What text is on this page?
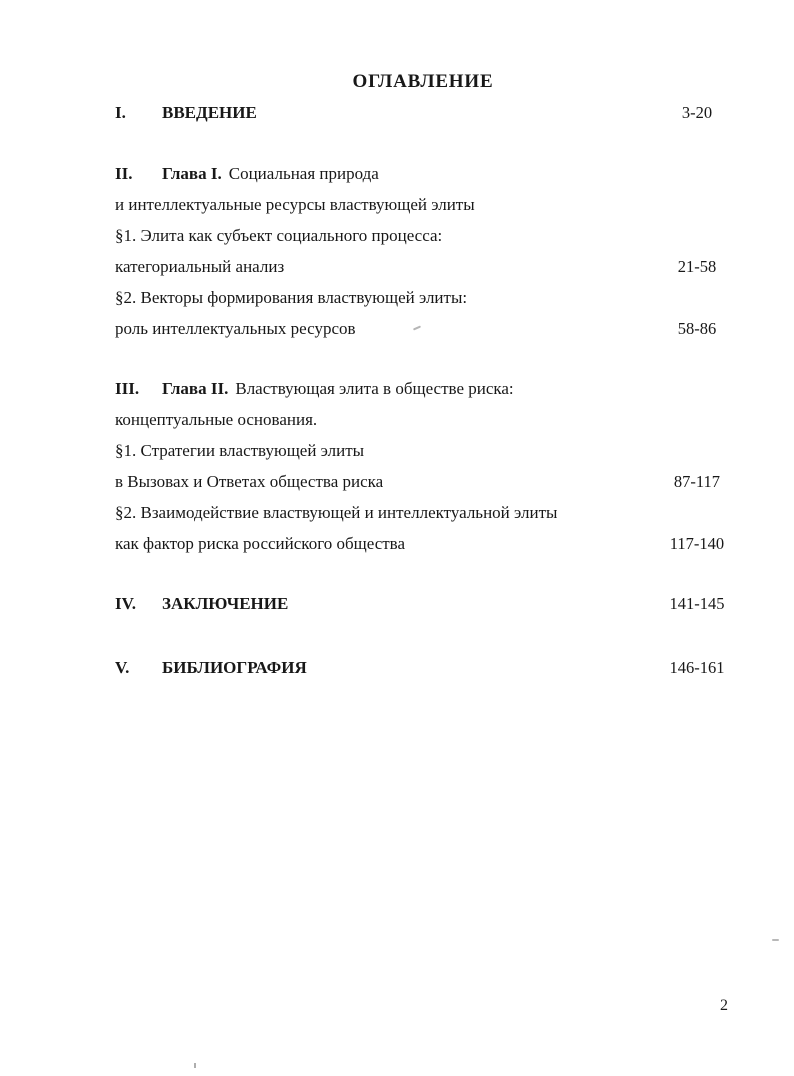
ОГЛАВЛЕНИЕ
I.	ВВЕДЕНИЕ	3-20
II.	Глава I. Социальная природа
и интеллектуальные ресурсы властвующей элиты
§1. Элита как субъект социального процесса:
категориальный анализ	21-58
§2. Векторы формирования властвующей элиты:
роль интеллектуальных ресурсов	58-86
III.	Глава II. Властвующая элита в обществе риска:
концептуальные основания.
§1. Стратегии властвующей элиты
в Вызовах и Ответах общества риска	87-117
§2. Взаимодействие властвующей и интеллектуальной элиты
как фактор риска российского общества	117-140
IV.	ЗАКЛЮЧЕНИЕ	141-145
V.	БИБЛИОГРАФИЯ	146-161
2
